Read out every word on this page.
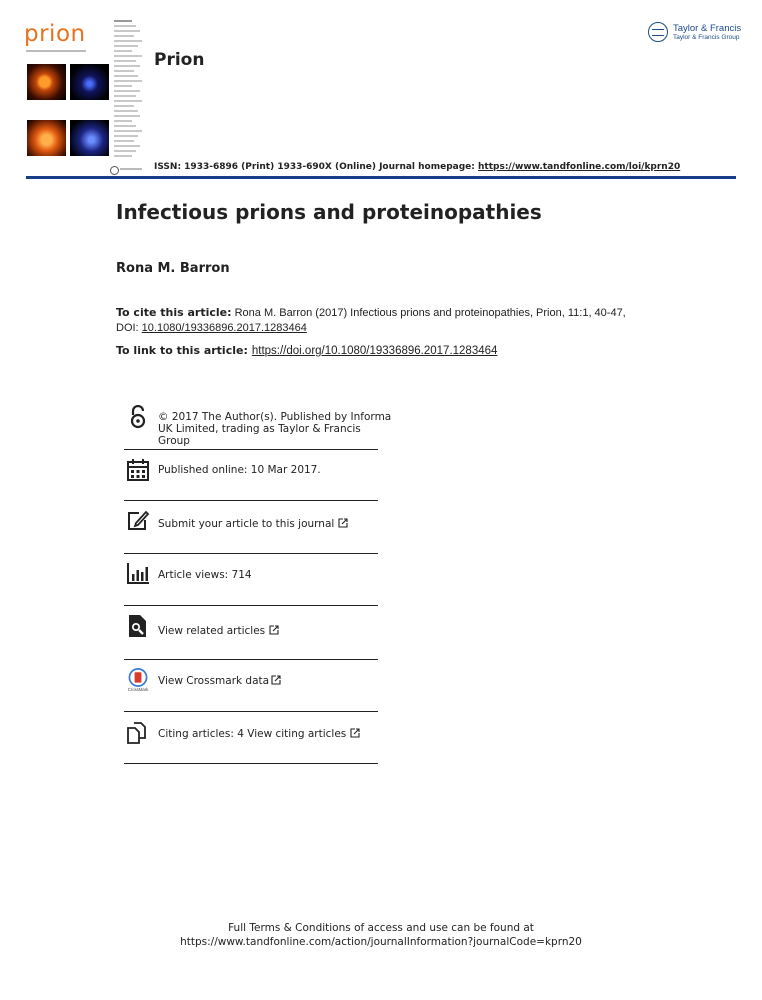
prion
Prion
Taylor & Francis
Taylor & Francis Group
ISSN: 1933-6896 (Print) 1933-690X (Online) Journal homepage: https://www.tandfonline.com/loi/kprn20
Infectious prions and proteinopathies
Rona M. Barron
To cite this article: Rona M. Barron (2017) Infectious prions and proteinopathies, Prion, 11:1, 40-47, DOI: 10.1080/19336896.2017.1283464
To link to this article: https://doi.org/10.1080/19336896.2017.1283464
© 2017 The Author(s). Published by Informa
UK Limited, trading as Taylor & Francis
Group
Published online: 10 Mar 2017.
Submit your article to this journal
Article views: 714
View related articles
CrossMark
View Crossmark data
Citing articles: 4 View citing articles
Full Terms & Conditions of access and use can be found at
https://www.tandfonline.com/action/journalInformation?journalCode=kprn20
